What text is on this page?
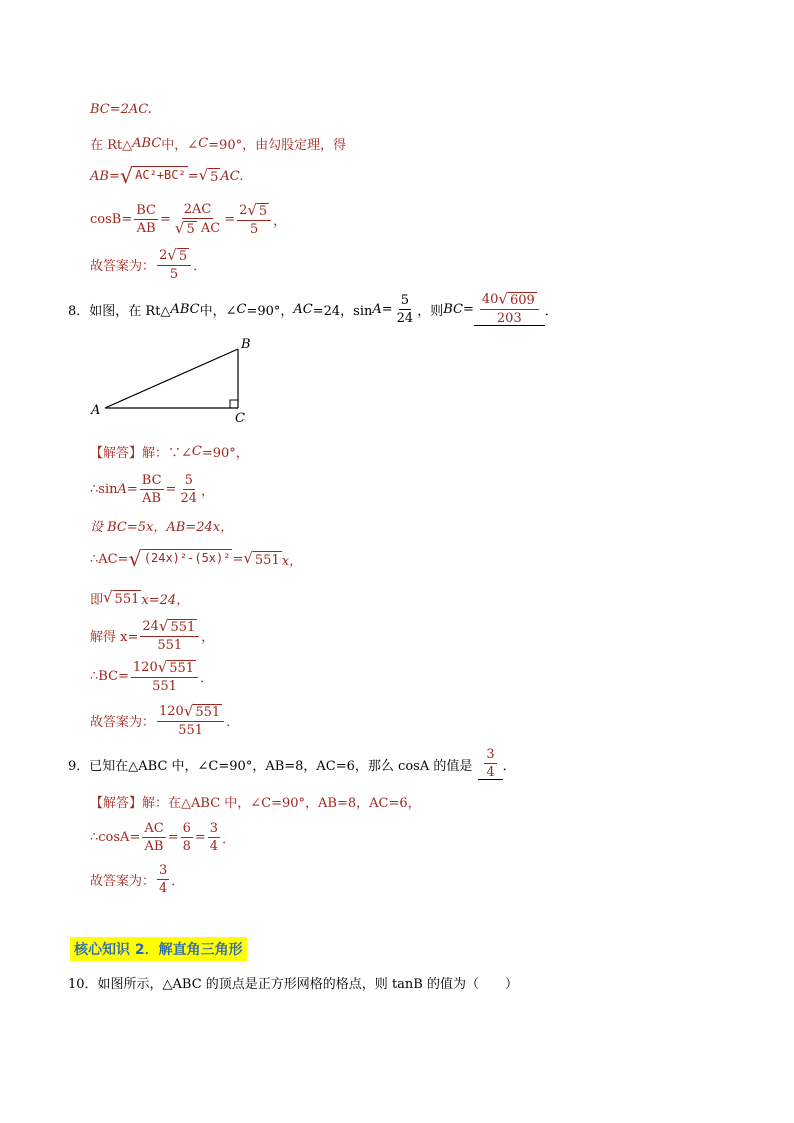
BC=2AC.
在 Rt△ ABC 中，∠ C =90°，由勾股定理，得
AB = √ AC²+BC² = √ 5 AC.
$\cos B = \frac{BC}{AB} = \frac{2AC}{√ 5 AC} = \frac{2 √ 5}{5}$ ，
故答案为： $\frac{2 √ 5}{5}$ ．
8． 如图，在 Rt△ ABC 中，∠ C =90°， AC =24，$\sin A = \frac{5}{24}$ ，则 BC = $\frac{40 √ 609}{203}$ ．
A
B
C
【解答】 解：∵∠ C =90°，
∴sin $A = \frac{BC}{AB} = \frac{5}{24}$ ，
设 BC=5x，AB=24x，
∴AC= √ (24x)²-(5x)² = √ 551 x，
即 √ 551 x=24，
解得 $x= \frac{24 √ 551}{551}$ ，
∴BC= $\frac{120 √ 551}{551}$ ．
故答案为： $\frac{120 √ 551}{551}$ ．
9． 已知在△ABC 中，∠C=90°，AB=8，AC=6，那么 cosA 的值是 $\frac{3}{4}$ ．
【解答】 解：在△ABC 中，∠C=90°，AB=8，AC=6，
∴cosA= $\frac{AC}{AB} = \frac{6}{8} = \frac{3}{4}$ ．
故答案为： $\frac{3}{4}$ ．
核心知识 2．解直角三角形
10． 如图所示，△ABC 的顶点是正方形网格的格点，则 tanB 的值为（　　）
